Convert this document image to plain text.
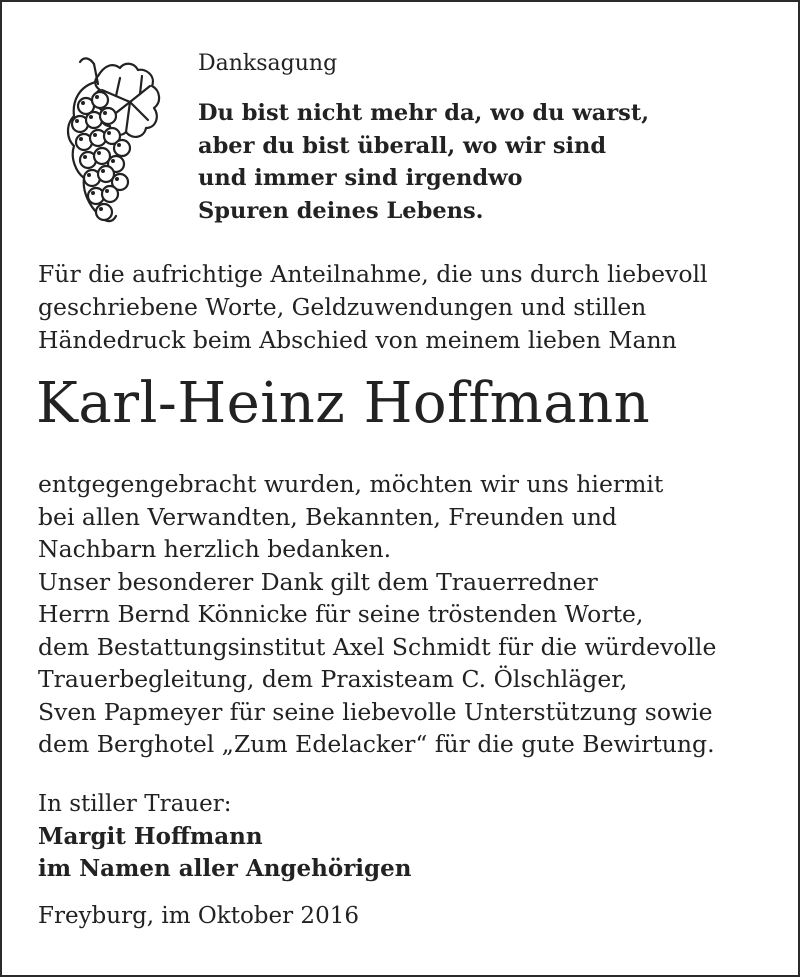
Danksagung
Du bist nicht mehr da, wo du warst,
aber du bist überall, wo wir sind
und immer sind irgendwo
Spuren deines Lebens.
Für die aufrichtige Anteilnahme, die uns durch liebevoll
geschriebene Worte, Geldzuwendungen und stillen
Händedruck beim Abschied von meinem lieben Mann
Karl-Heinz Hoffmann
entgegengebracht wurden, möchten wir uns hiermit
bei allen Verwandten, Bekannten, Freunden und
Nachbarn herzlich bedanken.
Unser besonderer Dank gilt dem Trauerredner
Herrn Bernd Könnicke für seine tröstenden Worte,
dem Bestattungsinstitut Axel Schmidt für die würdevolle
Trauerbegleitung, dem Praxisteam C. Ölschläger,
Sven Papmeyer für seine liebevolle Unterstützung sowie
dem Berghotel „Zum Edelacker“ für die gute Bewirtung.
In stiller Trauer:
Margit Hoffmann
im Namen aller Angehörigen
Freyburg, im Oktober 2016
